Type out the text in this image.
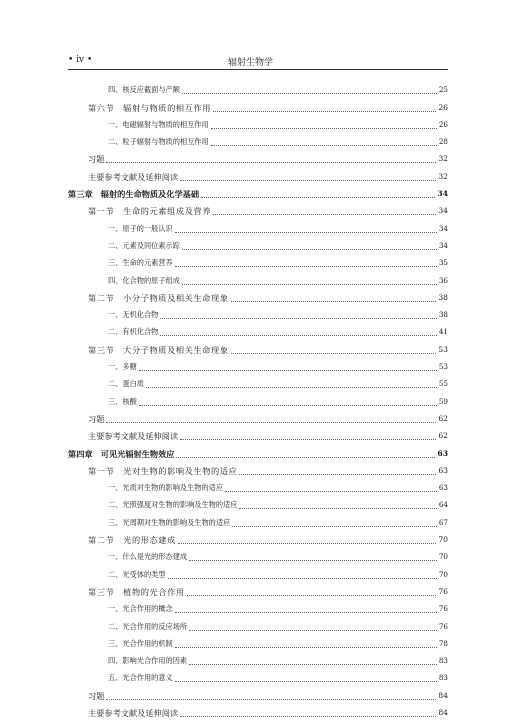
• iv •	辐射生物学
四、核反应截面与产额	25
第六节　辐射与物质的相互作用	26
一、电磁辐射与物质的相互作用	26
二、粒子辐射与物质的相互作用	28
习题	32
主要参考文献及延伸阅读	32
第三章　辐射的生命物质及化学基础	34
第一节　生命的元素组成及营养	34
一、原子的一般认识	34
二、元素及同位素示踪	34
三、生命的元素营养	35
四、化合物的原子组成	36
第二节　小分子物质及相关生命现象	38
一、无机化合物	38
二、有机化合物	41
第三节　大分子物质及相关生命现象	53
一、多糖	53
二、蛋白质	55
三、核酸	59
习题	62
主要参考文献及延伸阅读	62
第四章　可见光辐射生物效应	63
第一节　光对生物的影响及生物的适应	63
一、光质对生物的影响及生物的适应	63
二、光照强度对生物的影响及生物的适应	64
三、光周期对生物的影响及生物的适应	67
第二节　光的形态建成	70
一、什么是光的形态建成	70
二、光受体的类型	70
第三节　植物的光合作用	76
一、光合作用的概念	76
二、光合作用的反应场所	76
三、光合作用的机制	78
四、影响光合作用的因素	83
五、光合作用的意义	83
习题	84
主要参考文献及延伸阅读	84
